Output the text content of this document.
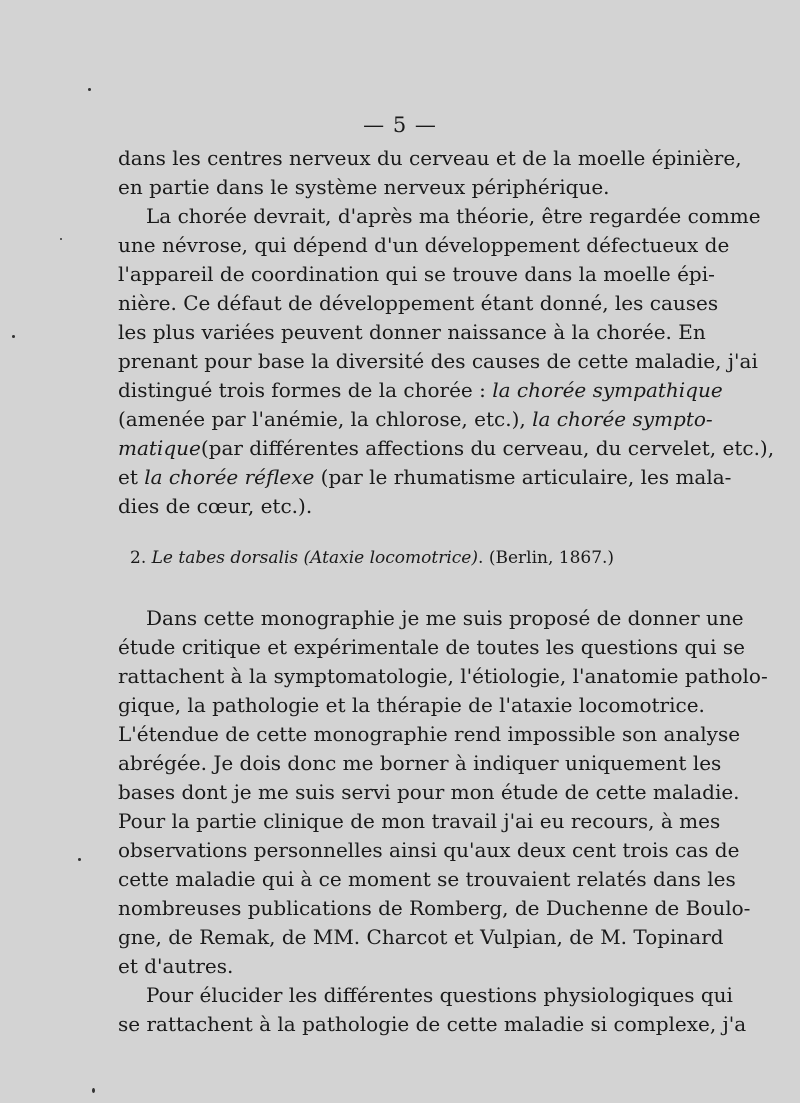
— 5 —
dans les centres nerveux du cerveau et de la moelle épinière,
en partie dans le système nerveux périphérique.
La chorée devrait, d'après ma théorie, être regardée comme
une névrose, qui dépend d'un développement défectueux de
l'appareil de coordination qui se trouve dans la moelle épi-
nière. Ce défaut de développement étant donné, les causes
les plus variées peuvent donner naissance à la chorée. En
prenant pour base la diversité des causes de cette maladie, j'ai
distingué trois formes de la chorée : la chorée sympathique
(amenée par l'anémie, la chlorose, etc.), la chorée sympto-
matique(par différentes affections du cerveau, du cervelet, etc.),
et la chorée réflexe (par le rhumatisme articulaire, les mala-
dies de cœur, etc.).
2. Le tabes dorsalis (Ataxie locomotrice). (Berlin, 1867.)
Dans cette monographie je me suis proposé de donner une
étude critique et expérimentale de toutes les questions qui se
rattachent à la symptomatologie, l'étiologie, l'anatomie patholo-
gique, la pathologie et la thérapie de l'ataxie locomotrice.
L'étendue de cette monographie rend impossible son analyse
abrégée. Je dois donc me borner à indiquer uniquement les
bases dont je me suis servi pour mon étude de cette maladie.
Pour la partie clinique de mon travail j'ai eu recours, à mes
observations personnelles ainsi qu'aux deux cent trois cas de
cette maladie qui à ce moment se trouvaient relatés dans les
nombreuses publications de Romberg, de Duchenne de Boulo-
gne, de Remak, de MM. Charcot et Vulpian, de M. Topinard
et d'autres.
Pour élucider les différentes questions physiologiques qui
se rattachent à la pathologie de cette maladie si complexe, j'a
